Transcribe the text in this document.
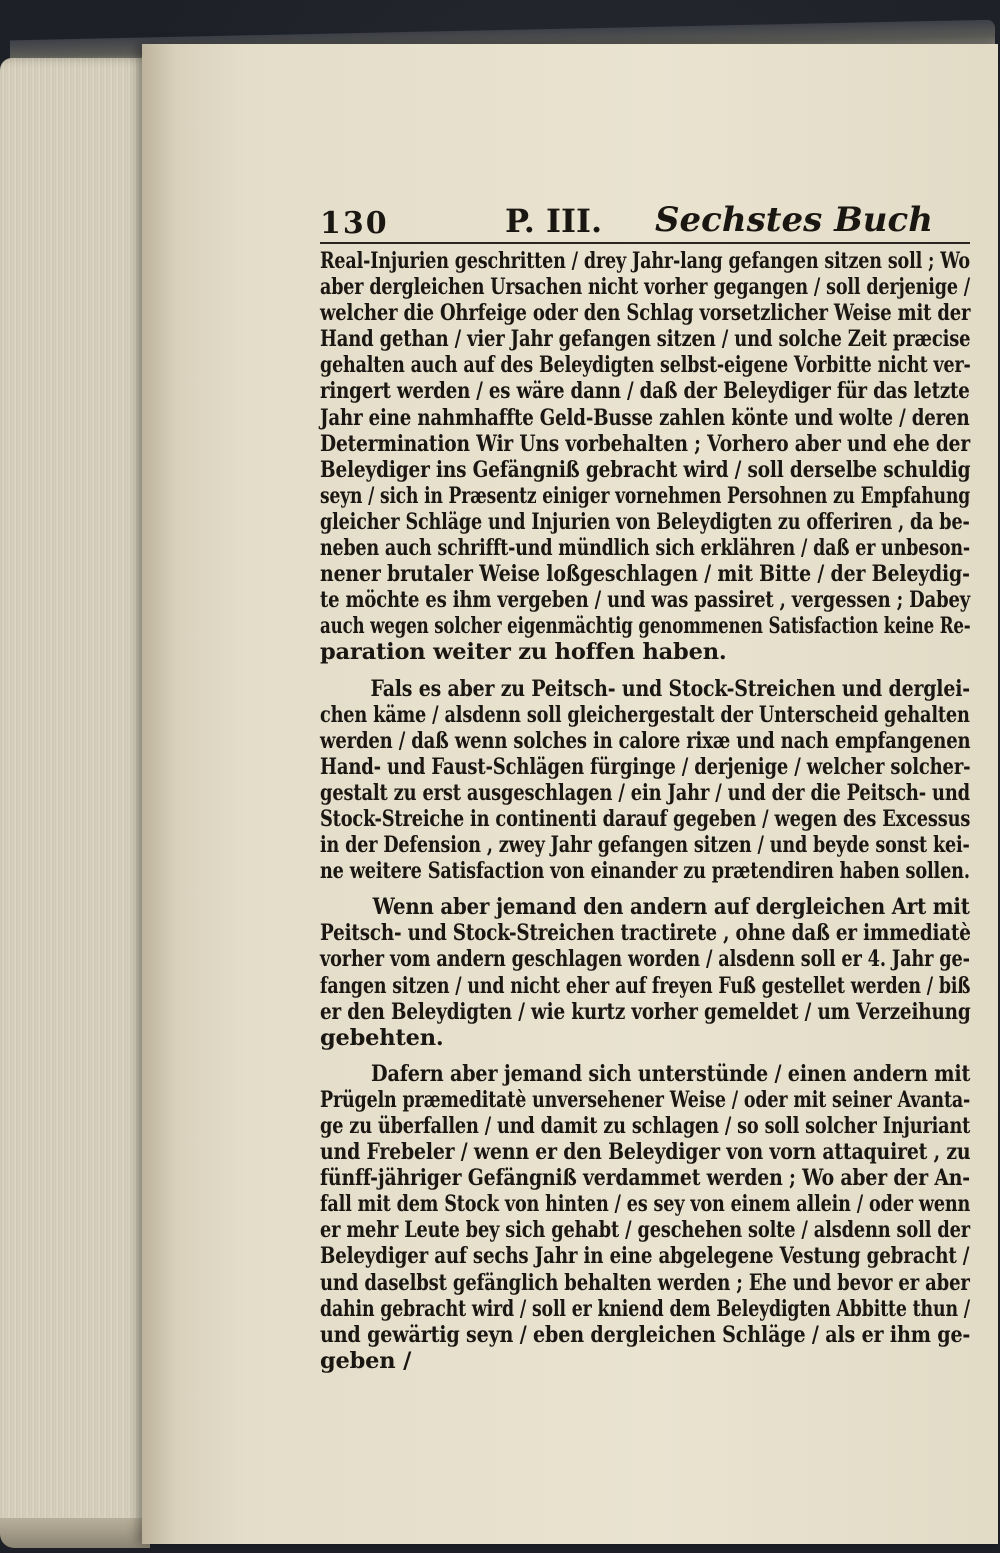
130	P. III. Sechstes Buch
Real-Injurien geschritten / drey Jahr-lang gefangen sitzen soll ; Wo
aber dergleichen Ursachen nicht vorher gegangen / soll derjenige /
welcher die Ohrfeige oder den Schlag vorsetzlicher Weise mit der
Hand gethan / vier Jahr gefangen sitzen / und solche Zeit præcise
gehalten auch auf des Beleydigten selbst-eigene Vorbitte nicht ver-
ringert werden / es wäre dann / daß der Beleydiger für das letzte
Jahr eine nahmhaffte Geld-Busse zahlen könte und wolte / deren
Determination Wir Uns vorbehalten ; Vorhero aber und ehe der
Beleydiger ins Gefängniß gebracht wird / soll derselbe schuldig
seyn / sich in Præsentz einiger vornehmen Persohnen zu Empfahung
gleicher Schläge und Injurien von Beleydigten zu offeriren , da be-
neben auch schrifft-und mündlich sich erklähren / daß er unbeson-
nener brutaler Weise loßgeschlagen / mit Bitte / der Beleydig-
te möchte es ihm vergeben / und was passiret , vergessen ; Dabey
auch wegen solcher eigenmächtig genommenen Satisfaction keine Re-
paration weiter zu hoffen haben.
Fals es aber zu Peitsch- und Stock-Streichen und derglei-
chen käme / alsdenn soll gleichergestalt der Unterscheid gehalten
werden / daß wenn solches in calore rixæ und nach empfangenen
Hand- und Faust-Schlägen fürginge / derjenige / welcher solcher-
gestalt zu erst ausgeschlagen / ein Jahr / und der die Peitsch- und
Stock-Streiche in continenti darauf gegeben / wegen des Excessus
in der Defension , zwey Jahr gefangen sitzen / und beyde sonst kei-
ne weitere Satisfaction von einander zu prætendiren haben sollen.
Wenn aber jemand den andern auf dergleichen Art mit
Peitsch- und Stock-Streichen tractirete , ohne daß er immediatè
vorher vom andern geschlagen worden / alsdenn soll er 4. Jahr ge-
fangen sitzen / und nicht eher auf freyen Fuß gestellet werden / biß
er den Beleydigten / wie kurtz vorher gemeldet / um Verzeihung
gebehten.
Dafern aber jemand sich unterstünde / einen andern mit
Prügeln præmeditatè unversehener Weise / oder mit seiner Avanta-
ge zu überfallen / und damit zu schlagen / so soll solcher Injuriant
und Frebeler / wenn er den Beleydiger von vorn attaquiret , zu
fünff-jähriger Gefängniß verdammet werden ; Wo aber der An-
fall mit dem Stock von hinten / es sey von einem allein / oder wenn
er mehr Leute bey sich gehabt / geschehen solte / alsdenn soll der
Beleydiger auf sechs Jahr in eine abgelegene Vestung gebracht /
und daselbst gefänglich behalten werden ; Ehe und bevor er aber
dahin gebracht wird / soll er kniend dem Beleydigten Abbitte thun /
und gewärtig seyn / eben dergleichen Schläge / als er ihm ge-
geben /
